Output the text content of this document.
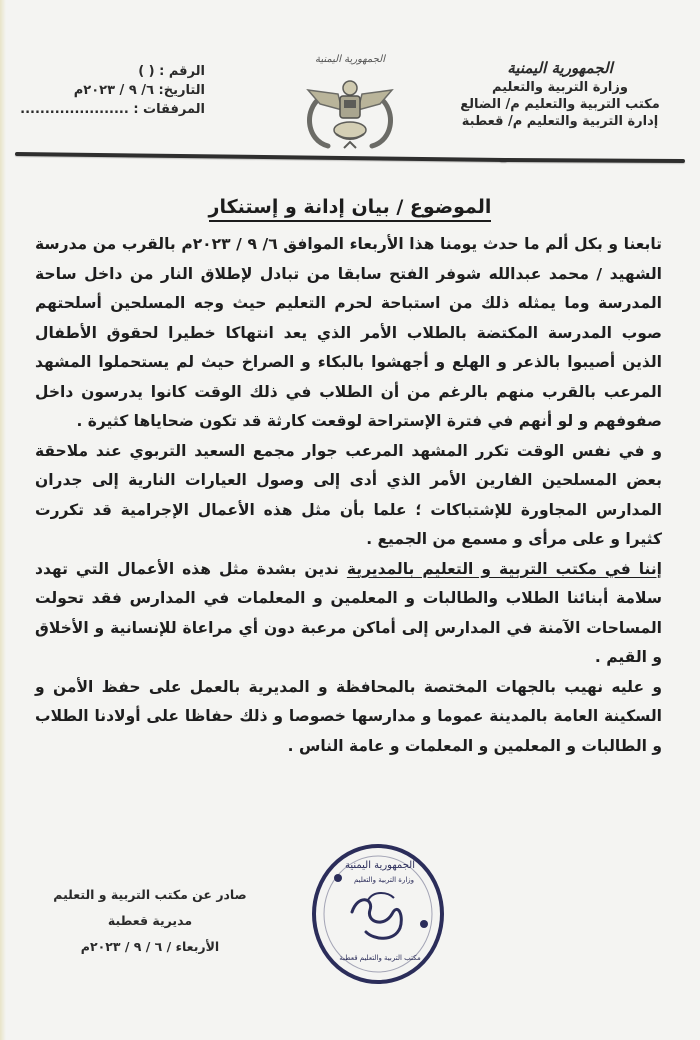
الجمهورية اليمنية
وزارة التربية والتعليم
مكتب التربية والتعليم م/ الضالع
إدارة التربية والتعليم م/ قعطبة
الجمهورية اليمنية
الرقم : ( )
التاريخ: ٦/ ٩ / ٢٠٢٣م
المرفقات : ......................
الموضوع / بيان إدانة و إستنكار

تابعنا و بكل ألم ما حدث يومنا هذا الأربعاء الموافق ٦/ ٩ / ٢٠٢٣م بالقرب من مدرسة الشهيد / محمد عبدالله شوفر الفتح سابقا من تبادل لإطلاق النار من داخل ساحة المدرسة وما يمثله ذلك من استباحة لحرم التعليم حيث وجه المسلحين أسلحتهم صوب المدرسة المكتضة بالطلاب الأمر الذي يعد انتهاكا خطيرا لحقوق الأطفال الذين أصيبوا بالذعر و الهلع و أجهشوا بالبكاء و الصراخ حيث لم يستحملوا المشهد المرعب بالقرب منهم بالرغم من أن الطلاب في ذلك الوقت كانوا يدرسون داخل صفوفهم و لو أنهم في فترة الإستراحة لوقعت كارثة قد تكون ضحاياها كثيرة .

و في نفس الوقت تكرر المشهد المرعب جوار مجمع السعيد التربوي عند ملاحقة بعض المسلحين الفارين الأمر الذي أدى إلى وصول العيارات النارية إلى جدران المدارس المجاورة للإشتباكات ؛ علما بأن مثل هذه الأعمال الإجرامية قد تكررت كثيرا و على مرأى و مسمع من الجميع .

إننا في مكتب التربية و التعليم بالمديرية ندين بشدة مثل هذه الأعمال التي تهدد سلامة أبنائنا الطلاب والطالبات و المعلمين و المعلمات في المدارس فقد تحولت المساحات الآمنة في المدارس إلى أماكن مرعبة دون أي مراعاة للإنسانية و الأخلاق و القيم .

و عليه نهيب بالجهات المختصة بالمحافظة و المديرية بالعمل على حفظ الأمن و السكينة العامة بالمدينة عموما و مدارسها خصوصا و ذلك حفاظا على أولادنا الطلاب و الطالبات و المعلمين و المعلمات و عامة الناس .

الجمهورية اليمنية
وزارة التربية والتعليم
مكتب التربية والتعليم قعطبة
صادر عن مكتب التربية و التعليم
مديرية قعطبة
الأربعاء / ٦ / ٩ / ٢٠٢٣م
